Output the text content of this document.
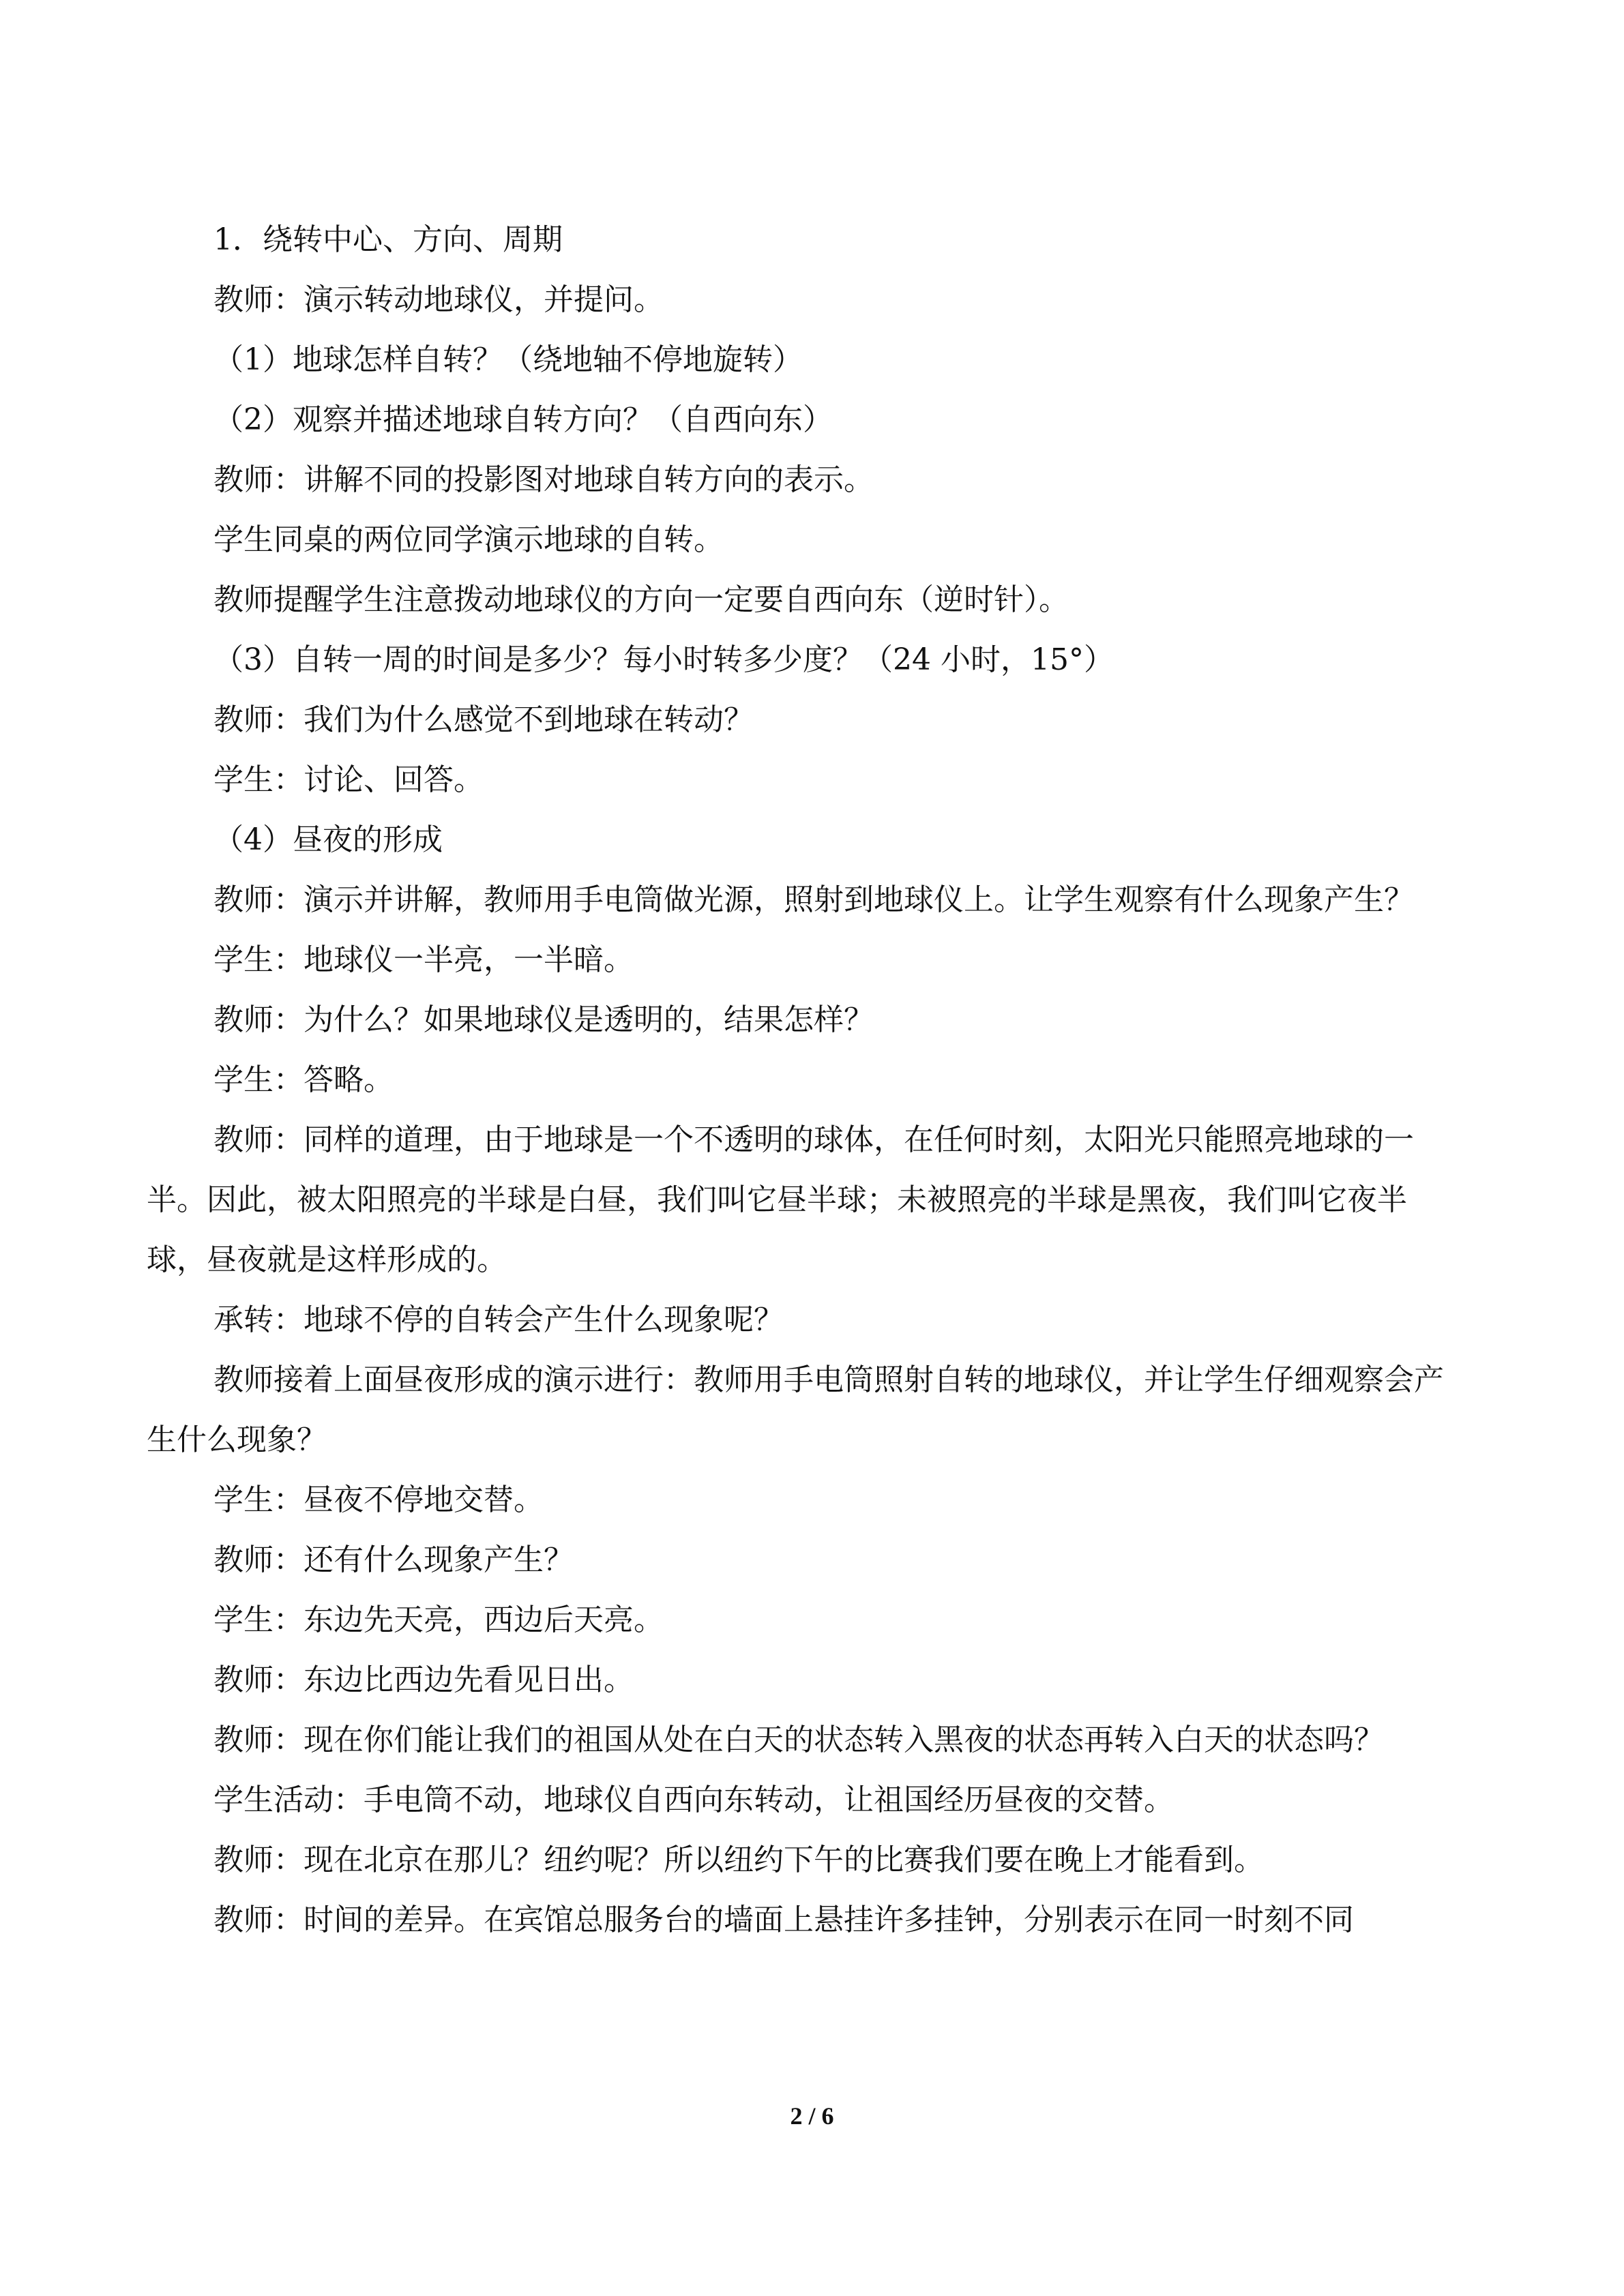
1．绕转中心、方向、周期

教师：演示转动地球仪，并提问。

（1）地球怎样自转？（绕地轴不停地旋转）

（2）观察并描述地球自转方向？（自西向东）

教师：讲解不同的投影图对地球自转方向的表示。

学生同桌的两位同学演示地球的自转。

教师提醒学生注意拨动地球仪的方向一定要自西向东（逆时针）。

（3）自转一周的时间是多少？每小时转多少度？（24 小时，15°）

教师：我们为什么感觉不到地球在转动？

学生：讨论、回答。

（4）昼夜的形成

教师：演示并讲解，教师用手电筒做光源，照射到地球仪上。让学生观察有什么现象产生？

学生：地球仪一半亮，一半暗。

教师：为什么？如果地球仪是透明的，结果怎样？

学生：答略。

教师：同样的道理，由于地球是一个不透明的球体，在任何时刻，太阳光只能照亮地球的一半。因此，被太阳照亮的半球是白昼，我们叫它昼半球；未被照亮的半球是黑夜，我们叫它夜半球，昼夜就是这样形成的。

承转：地球不停的自转会产生什么现象呢？

教师接着上面昼夜形成的演示进行：教师用手电筒照射自转的地球仪，并让学生仔细观察会产生什么现象？

学生：昼夜不停地交替。

教师：还有什么现象产生？

学生：东边先天亮，西边后天亮。

教师：东边比西边先看见日出。

教师：现在你们能让我们的祖国从处在白天的状态转入黑夜的状态再转入白天的状态吗？

学生活动：手电筒不动，地球仪自西向东转动，让祖国经历昼夜的交替。

教师：现在北京在那儿？纽约呢？所以纽约下午的比赛我们要在晚上才能看到。

教师：时间的差异。在宾馆总服务台的墙面上悬挂许多挂钟，分别表示在同一时刻不同

2 / 6
